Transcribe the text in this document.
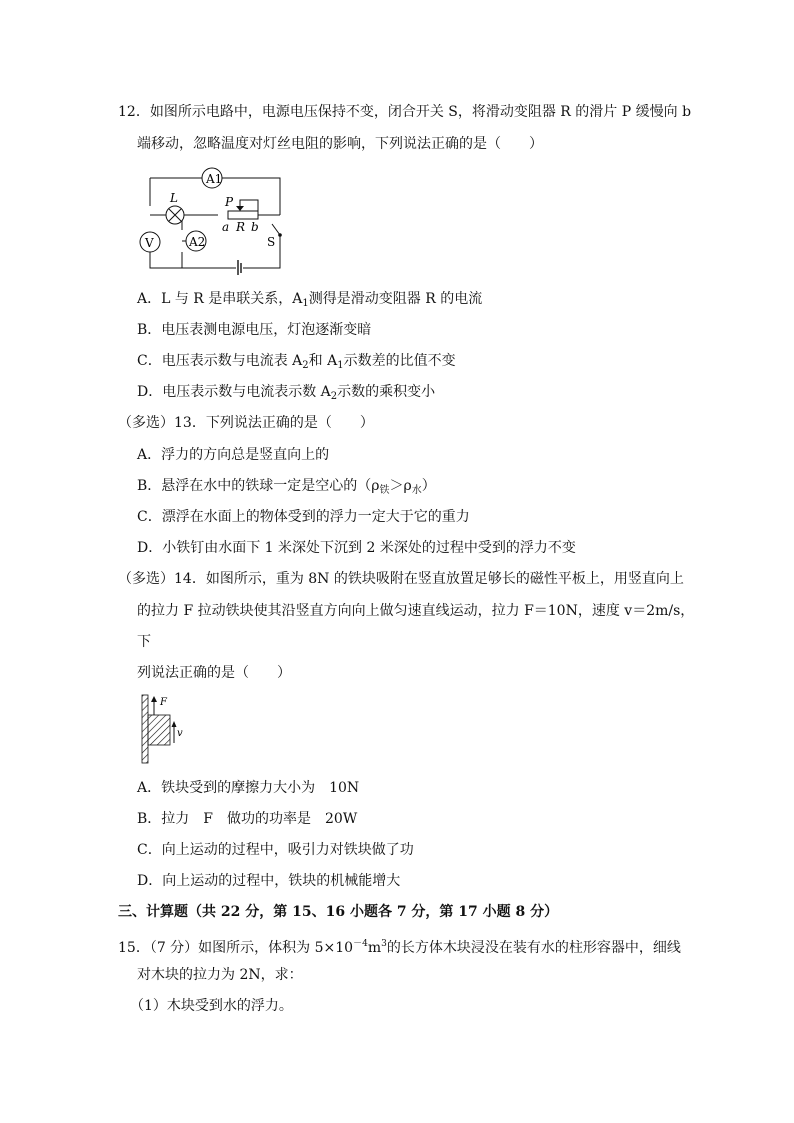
12．如图所示电路中，电源电压保持不变，闭合开关 S，将滑动变阻器 R 的滑片 P 缓慢向 b
端移动，忽略温度对灯丝电阻的影响，下列说法正确的是（　　）
A1
L
V	A2
P
a R b
S
A．L 与 R 是串联关系，$A_1$测得是滑动变阻器 R 的电流
B．电压表测电源电压，灯泡逐渐变暗
C．电压表示数与电流表 $A_2$和 $A_1$示数差的比值不变
D．电压表示数与电流表示数 $A_2$示数的乘积变小
（多选）13．下列说法正确的是（　　）
A．浮力的方向总是竖直向上的
B．悬浮在水中的铁球一定是空心的$(\rho_铁>\rho_水)$
C．漂浮在水面上的物体受到的浮力一定大于它的重力
D．小铁钉由水面下 1 米深处下沉到 2 米深处的过程中受到的浮力不变
（多选）14．如图所示，重为 8N 的铁块吸附在竖直放置足够长的磁性平板上，用竖直向上
的拉力 F 拉动铁块使其沿竖直方向向上做匀速直线运动，拉力 F＝10N，速度 v＝2m/s，
下
列说法正确的是（　　）
F
v
A．铁块受到的摩擦力大小为　10N
B．拉力　F　做功的功率是　20W
C．向上运动的过程中，吸引力对铁块做了功
D．向上运动的过程中，铁块的机械能增大
三、计算题（共 22 分，第 15、16 小题各 7 分，第 17 小题 8 分）
15．（7 分）如图所示，体积为 $5\times 10^{-4}m^3$的长方体木块浸没在装有水的柱形容器中，细线
对木块的拉力为 2N，求：
（1）木块受到水的浮力。
